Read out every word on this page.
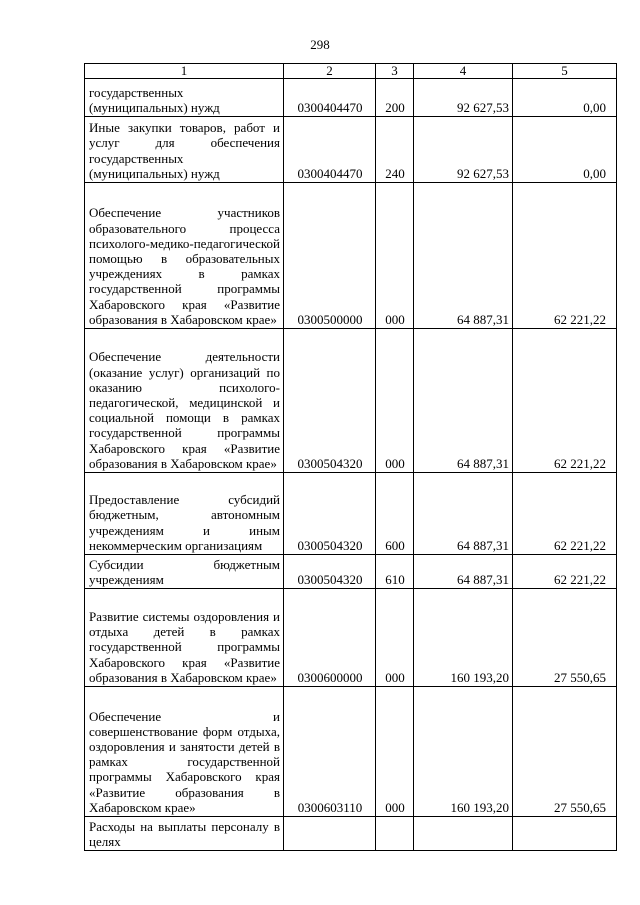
298
1	2	3	4	5
государственных (муниципальных) нужд	0300404470	200	92 627,53	0,00
Иные закупки товаров, работ и услуг для обеспечения государственных (муниципальных) нужд	0300404470	240	92 627,53	0,00
Обеспечение участников образовательного процесса психолого-медико-педагогической помощью в образовательных учреждениях в рамках государственной программы Хабаровского края «Развитие образования в Хабаровском крае»	0300500000	000	64 887,31	62 221,22
Обеспечение деятельности (оказание услуг) организаций по оказанию психолого-педагогической, медицинской и социальной помощи в рамках государственной программы Хабаровского края «Развитие образования в Хабаровском крае»	0300504320	000	64 887,31	62 221,22
Предоставление субсидий бюджетным, автономным учреждениям и иным некоммерческим организациям	0300504320	600	64 887,31	62 221,22
Субсидии бюджетным учреждениям	0300504320	610	64 887,31	62 221,22
Развитие системы оздоровления и отдыха детей в рамках государственной программы Хабаровского края «Развитие образования в Хабаровском крае»	0300600000	000	160 193,20	27 550,65
Обеспечение и совершенствование форм отдыха, оздоровления и занятости детей в рамках государственной программы Хабаровского края «Развитие образования в Хабаровском крае»	0300603110	000	160 193,20	27 550,65
Расходы на выплаты персоналу в целях				
